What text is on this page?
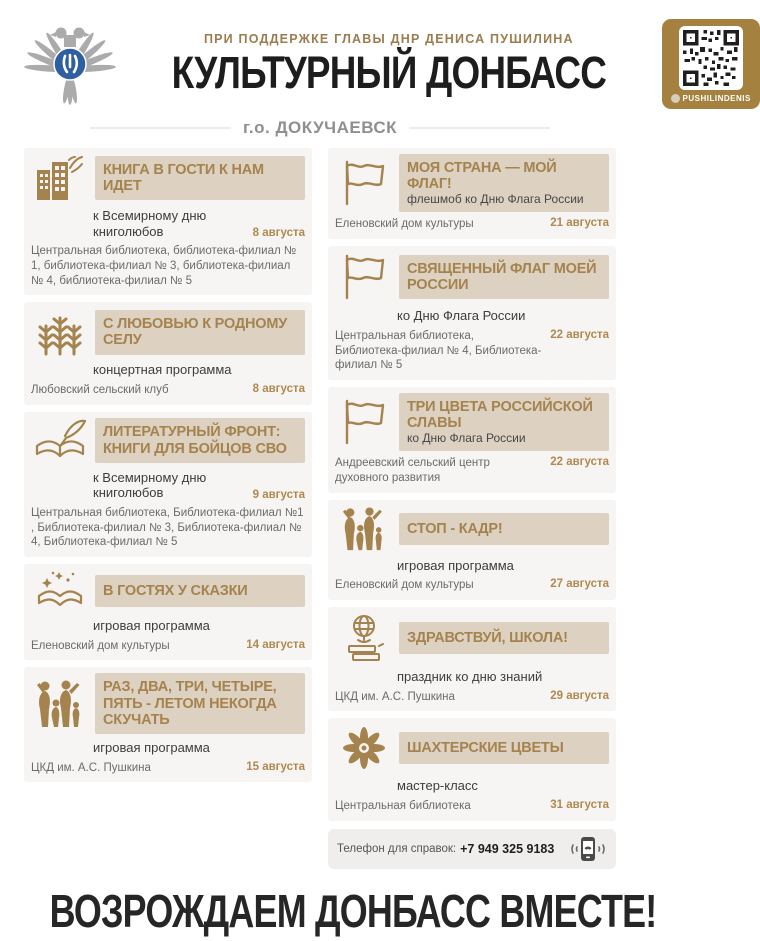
ПРИ ПОДДЕРЖКЕ ГЛАВЫ ДНР ДЕНИСА ПУШИЛИНА
КУЛЬТУРНЫЙ ДОНБАСС
PUSHILINDENIS
г.о. ДОКУЧАЕВСК
КНИГА В ГОСТИ К НАМ ИДЕТ
к Всемирному дню книголюбов	8 августа
Центральная библиотека, библиотека-филиал № 1, библиотека-филиал № 3, библиотека-филиал № 4, библиотека-филиал № 5
С ЛЮБОВЬЮ К РОДНОМУ СЕЛУ
концертная программа
Любовский сельский клуб	8 августа
ЛИТЕРАТУРНЫЙ ФРОНТ: КНИГИ ДЛЯ БОЙЦОВ СВО
к Всемирному дню книголюбов	9 августа
Центральная библиотека, Библиотека-филиал №1 , Библиотека-филиал № 3, Библиотека-филиал № 4, Библиотека-филиал № 5
В ГОСТЯХ У СКАЗКИ
игровая программа
Еленовский дом культуры	14 августа
РАЗ, ДВА, ТРИ, ЧЕТЫРЕ, ПЯТЬ - ЛЕТОМ НЕКОГДА СКУЧАТЬ
игровая программа
ЦКД им. А.С. Пушкина	15 августа
МОЯ СТРАНА — МОЙ ФЛАГ!
флешмоб ко Дню Флага России
Еленовский дом культуры	21 августа
СВЯЩЕННЫЙ ФЛАГ МОЕЙ РОССИИ
ко Дню Флага России
Центральная библиотека, Библиотека-филиал № 4, Библиотека-филиал № 5
22 августа
ТРИ ЦВЕТА РОССИЙСКОЙ СЛАВЫ
ко Дню Флага России
Андреевский сельский центр духовного развития
22 августа
СТОП - КАДР!
игровая программа
Еленовский дом культуры	27 августа
ЗДРАВСТВУЙ, ШКОЛА!
праздник ко дню знаний
ЦКД им. А.С. Пушкина	29 августа
ШАХТЕРСКИЕ ЦВЕТЫ
мастер-класс
Центральная библиотека	31 августа
Телефон для справок: +7 949 325 9183
ВОЗРОЖДАЕМ ДОНБАСС ВМЕСТЕ!
